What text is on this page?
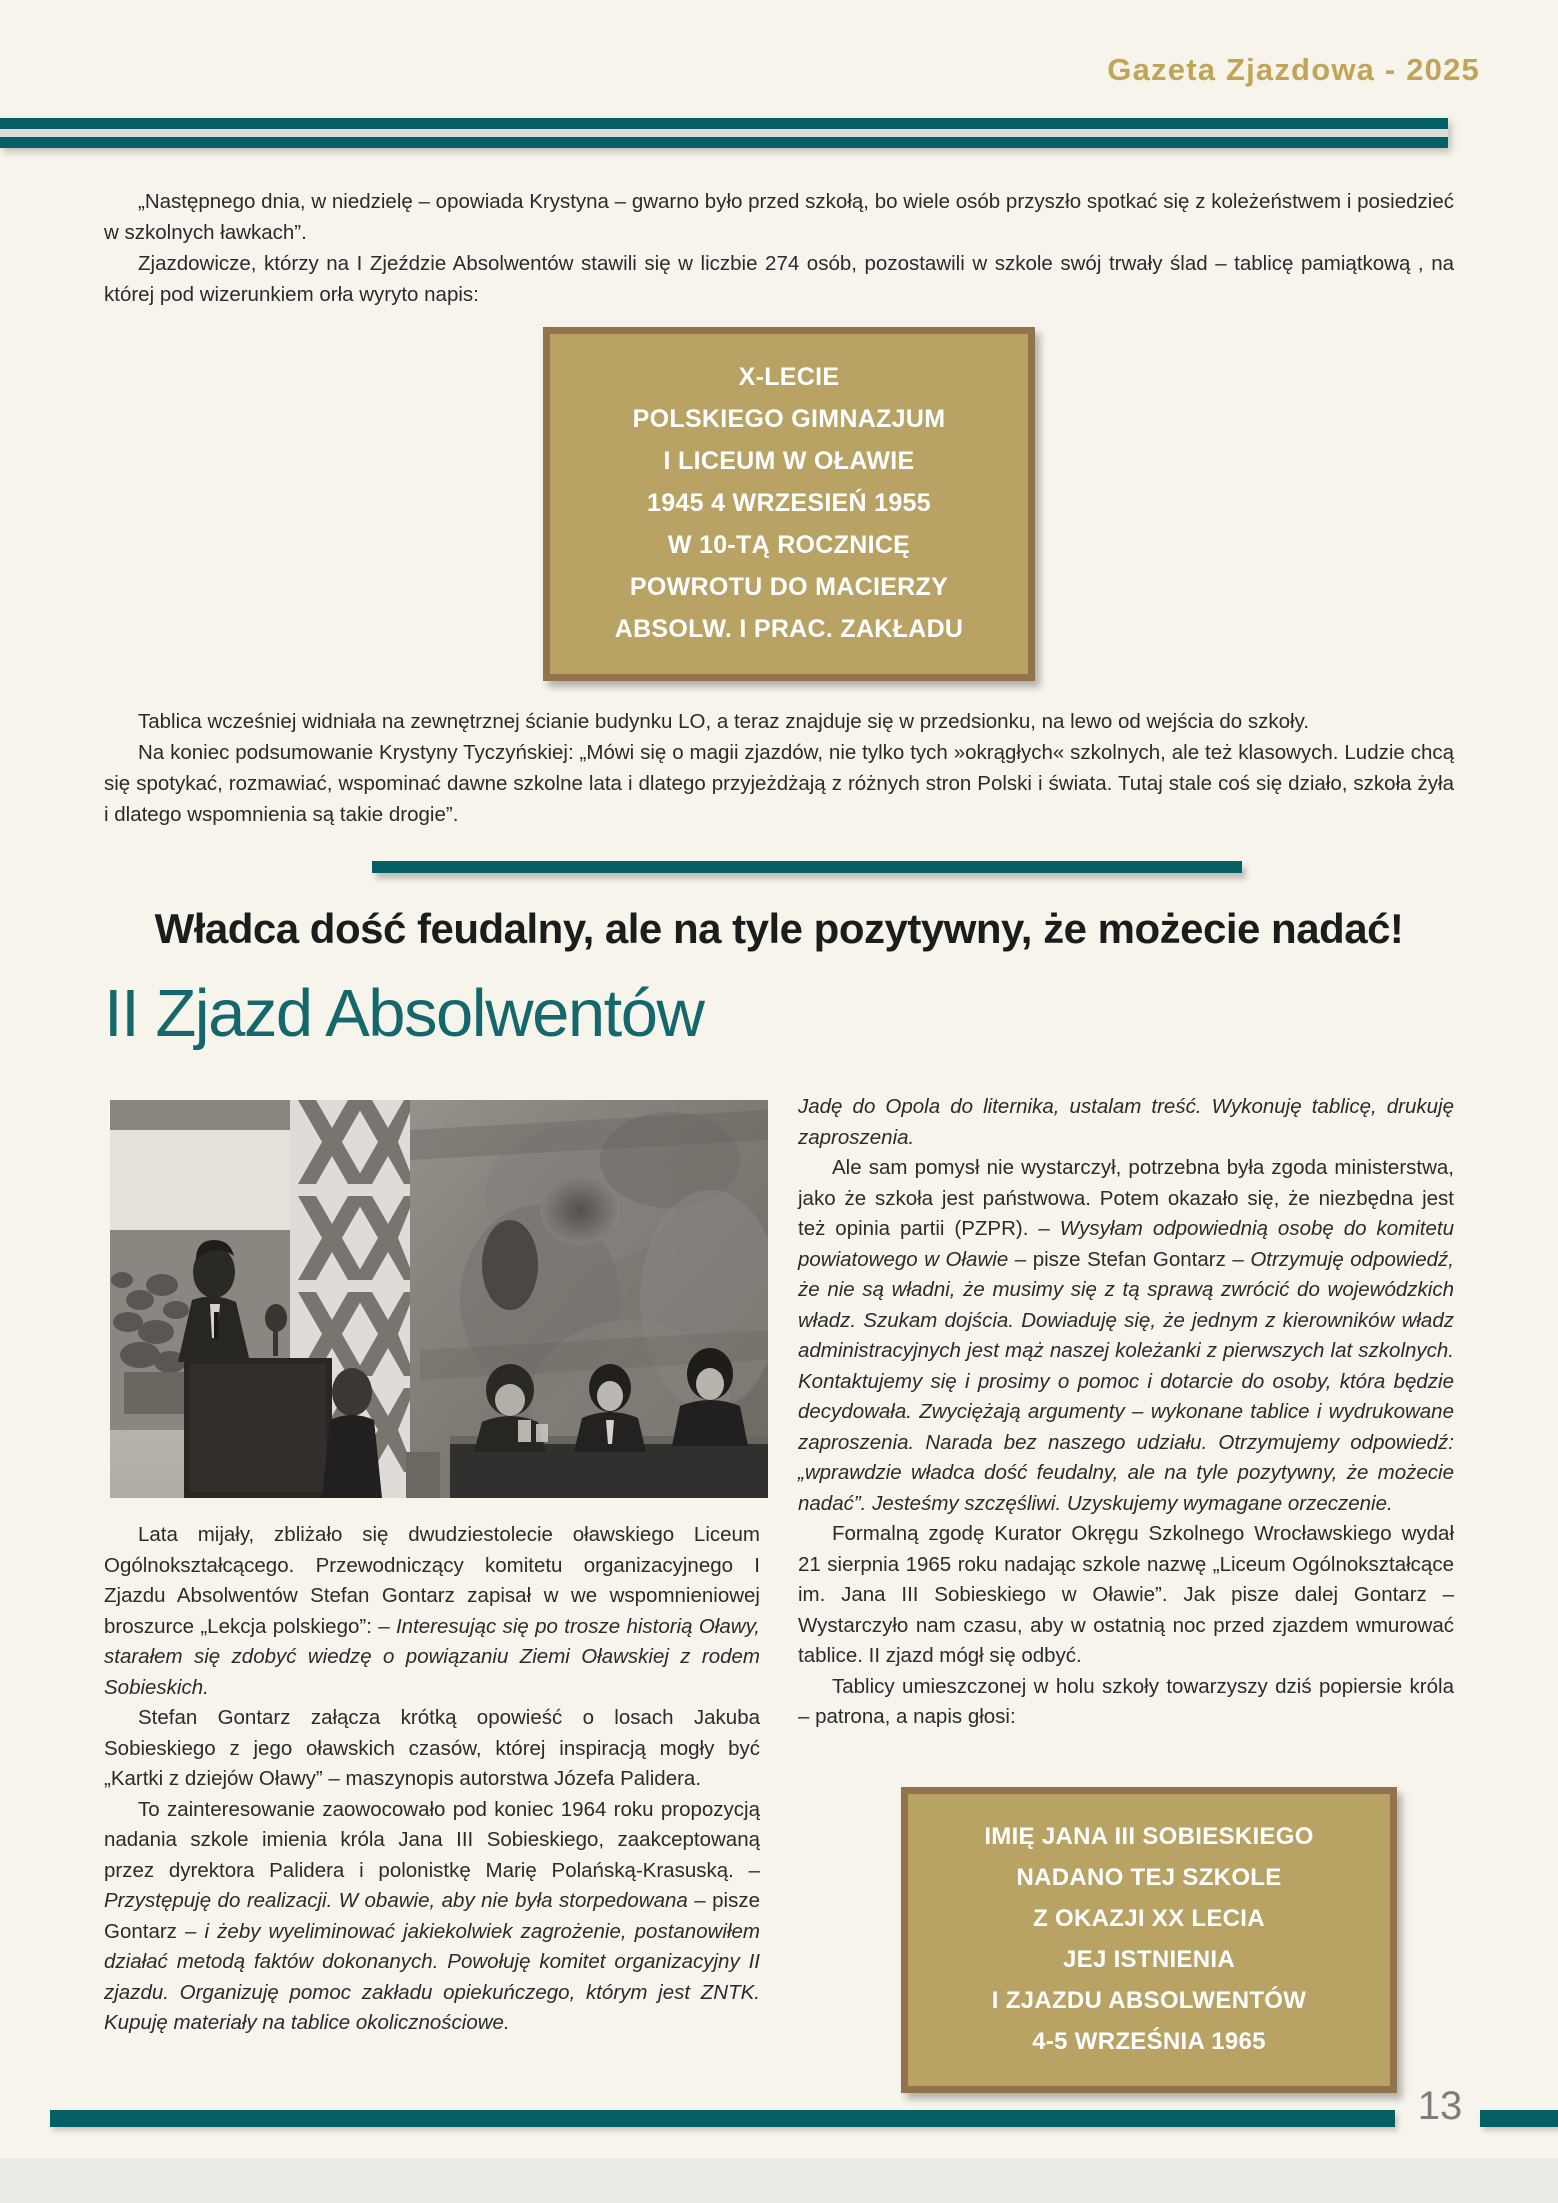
Gazeta Zjazdowa - 2025

„Następnego dnia, w niedzielę – opowiada Krystyna – gwarno było przed szkołą, bo wiele osób przyszło spotkać się z koleżeństwem i posiedzieć w szkolnych ławkach”.

Zjazdowicze, którzy na I Zjeździe Absolwentów stawili się w liczbie 274 osób, pozostawili w szkole swój trwały ślad – tablicę pamiątkową , na której pod wizerunkiem orła wyryto napis:

X-LECIE
POLSKIEGO GIMNAZJUM
I LICEUM W OŁAWIE
1945 4 WRZESIEŃ 1955
W 10-TĄ ROCZNICĘ
POWROTU DO MACIERZY
ABSOLW. I PRAC. ZAKŁADU

Tablica wcześniej widniała na zewnętrznej ścianie budynku LO, a teraz znajduje się w przedsionku, na lewo od wejścia do szkoły.

Na koniec podsumowanie Krystyny Tyczyńskiej: „Mówi się o magii zjazdów, nie tylko tych »okrągłych« szkolnych, ale też klasowych. Ludzie chcą się spotykać, rozmawiać, wspominać dawne szkolne lata i dlatego przyjeżdżają z różnych stron Polski i świata. Tutaj stale coś się działo, szkoła żyła i dlatego wspomnienia są takie drogie”.

Władca dość feudalny, ale na tyle pozytywny, że możecie nadać!
II Zjazd Absolwentów

Lata mijały, zbliżało się dwudziestolecie oławskiego Liceum Ogólnokształcącego. Przewodniczący komitetu organizacyjnego I Zjazdu Absolwentów Stefan Gontarz zapisał w we wspomnieniowej broszurce „Lekcja polskiego”: – Interesując się po trosze historią Oławy, starałem się zdobyć wiedzę o powiązaniu Ziemi Oławskiej z rodem Sobieskich.

Stefan Gontarz załącza krótką opowieść o losach Jakuba Sobieskiego z jego oławskich czasów, której inspiracją mogły być „Kartki z dziejów Oławy” – maszynopis autorstwa Józefa Palidera.

To zainteresowanie zaowocowało pod koniec 1964 roku propozycją nadania szkole imienia króla Jana III Sobieskiego, zaakceptowaną przez dyrektora Palidera i polonistkę Marię Polańską-Krasuską. – Przystępuję do realizacji. W obawie, aby nie była storpedowana – pisze Gontarz – i żeby wyeliminować jakiekolwiek zagrożenie, postanowiłem działać metodą faktów dokonanych. Powołuję komitet organizacyjny II zjazdu. Organizuję pomoc zakładu opiekuńczego, którym jest ZNTK. Kupuję materiały na tablice okolicznościowe.

Jadę do Opola do liternika, ustalam treść. Wykonuję tablicę, drukuję zaproszenia.

Ale sam pomysł nie wystarczył, potrzebna była zgoda ministerstwa, jako że szkoła jest państwowa. Potem okazało się, że niezbędna jest też opinia partii (PZPR). – Wysyłam odpowiednią osobę do komitetu powiatowego w Oławie – pisze Stefan Gontarz – Otrzymuję odpowiedź, że nie są władni, że musimy się z tą sprawą zwrócić do wojewódzkich władz. Szukam dojścia. Dowiaduję się, że jednym z kierowników władz administracyjnych jest mąż naszej koleżanki z pierwszych lat szkolnych. Kontaktujemy się i prosimy o pomoc i dotarcie do osoby, która będzie decydowała. Zwyciężają argumenty – wykonane tablice i wydrukowane zaproszenia. Narada bez naszego udziału. Otrzymujemy odpowiedź: „wprawdzie władca dość feudalny, ale na tyle pozytywny, że możecie nadać”. Jesteśmy szczęśliwi. Uzyskujemy wymagane orzeczenie.

Formalną zgodę Kurator Okręgu Szkolnego Wrocławskiego wydał 21 sierpnia 1965 roku nadając szkole nazwę „Liceum Ogólnokształcące im. Jana III Sobieskiego w Oławie”. Jak pisze dalej Gontarz – Wystarczyło nam czasu, aby w ostatnią noc przed zjazdem wmurować tablice. II zjazd mógł się odbyć.

Tablicy umieszczonej w holu szkoły towarzyszy dziś popiersie króla – patrona, a napis głosi:

IMIĘ JANA III SOBIESKIEGO
NADANO TEJ SZKOLE
Z OKAZJI XX LECIA
JEJ ISTNIENIA
I ZJAZDU ABSOLWENTÓW
4-5 WRZEŚNIA 1965
13
